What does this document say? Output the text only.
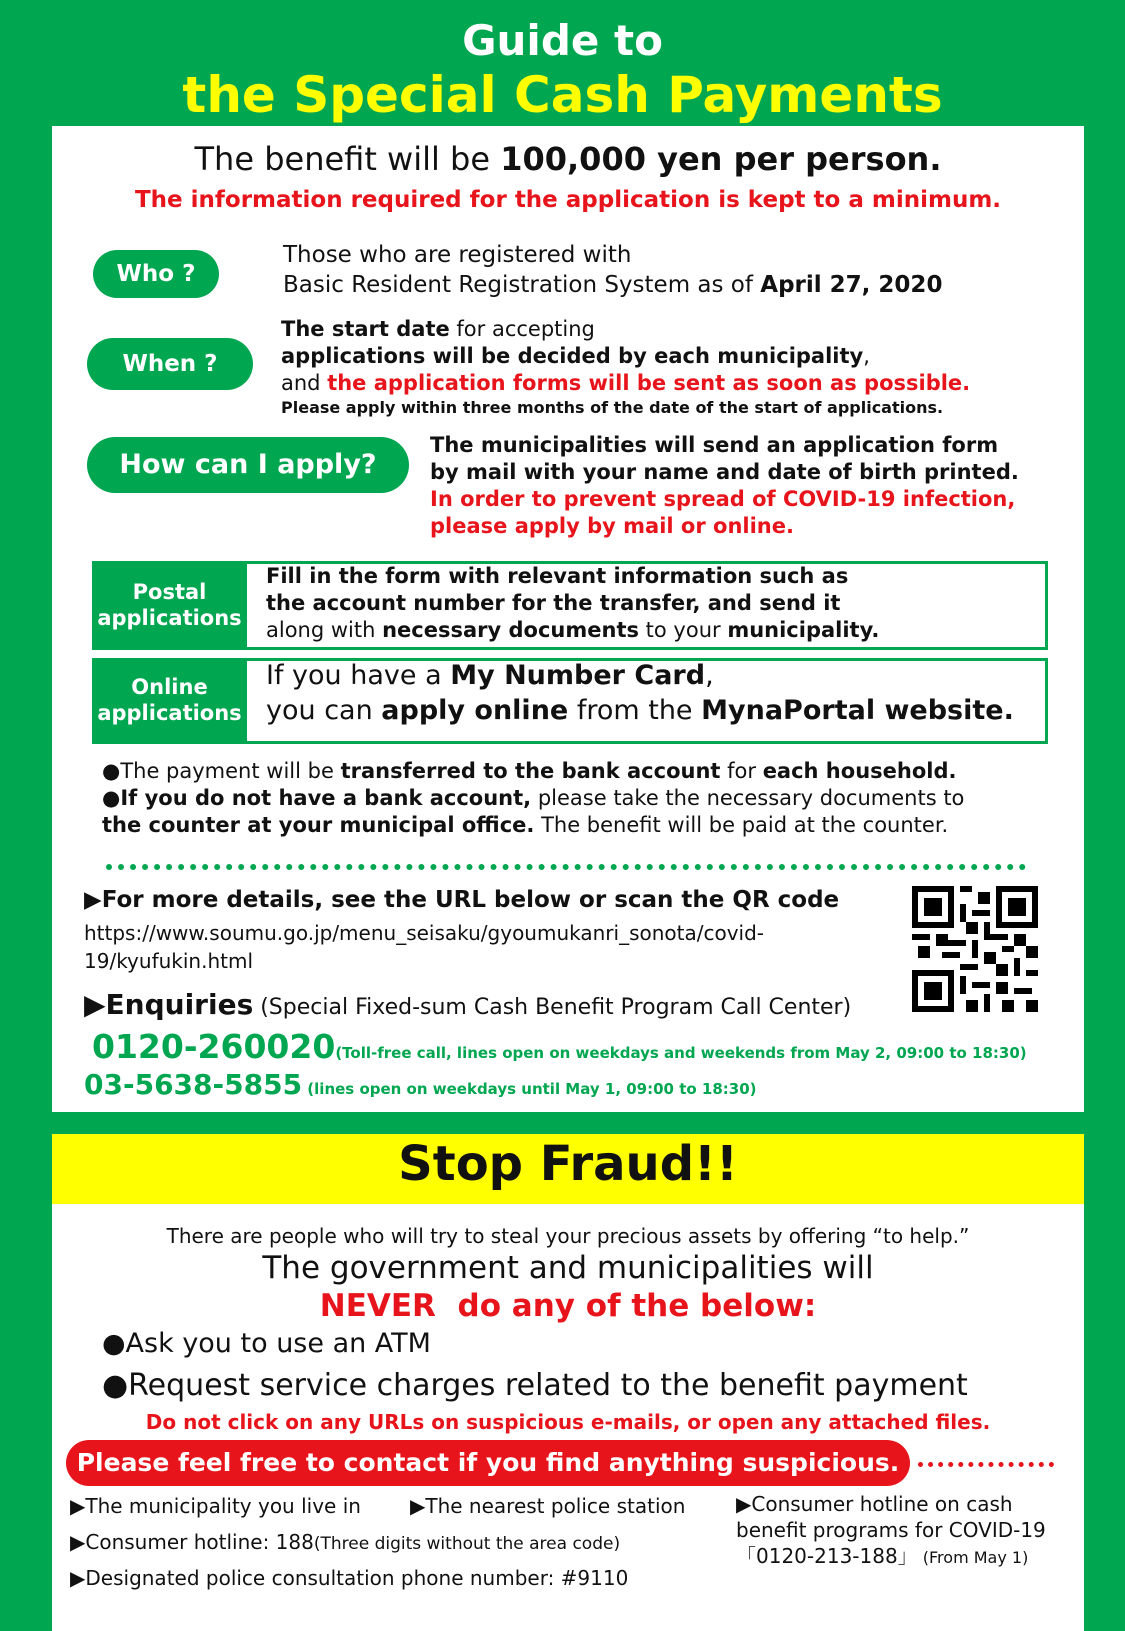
Guide to
the Special Cash Payments
The benefit will be 100,000 yen per person.
The information required for the application is kept to a minimum.
Who ?
Those who are registered with
Basic Resident Registration System as of April 27, 2020
When ?
The start date for accepting
applications will be decided by each municipality,
and the application forms will be sent as soon as possible.
Please apply within three months of the date of the start of applications.
How can I apply?
The municipalities will send an application form
by mail with your name and date of birth printed.
In order to prevent spread of COVID-19 infection,
please apply by mail or online.
Postal
applications
Fill in the form with relevant information such as
the account number for the transfer, and send it
along with necessary documents to your municipality.
Online
applications
If you have a My Number Card,
you can apply online from the MynaPortal website.
●The payment will be transferred to the bank account for each household.
●If you do not have a bank account, please take the necessary documents to
the counter at your municipal office. The benefit will be paid at the counter.
▶For more details, see the URL below or scan the QR code
https://www.soumu.go.jp/menu_seisaku/gyoumukanri_sonota/covid-
19/kyufukin.html
▶Enquiries (Special Fixed-sum Cash Benefit Program Call Center)
0120-260020(Toll-free call, lines open on weekdays and weekends from May 2, 09:00 to 18:30)
03-5638-5855 (lines open on weekdays until May 1, 09:00 to 18:30)
Stop Fraud!!
There are people who will try to steal your precious assets by offering “to help.”
The government and municipalities will
NEVER  do any of the below:
●Ask you to use an ATM
●Request service charges related to the benefit payment
Do not click on any URLs on suspicious e-mails, or open any attached files.
Please feel free to contact if you find anything suspicious.
▶The municipality you live in ▶The nearest police station
▶Consumer hotline: 188(Three digits without the area code)
▶Designated police consultation phone number: #9110
▶Consumer hotline on cash
benefit programs for COVID-19
「0120-213-188」 (From May 1)
